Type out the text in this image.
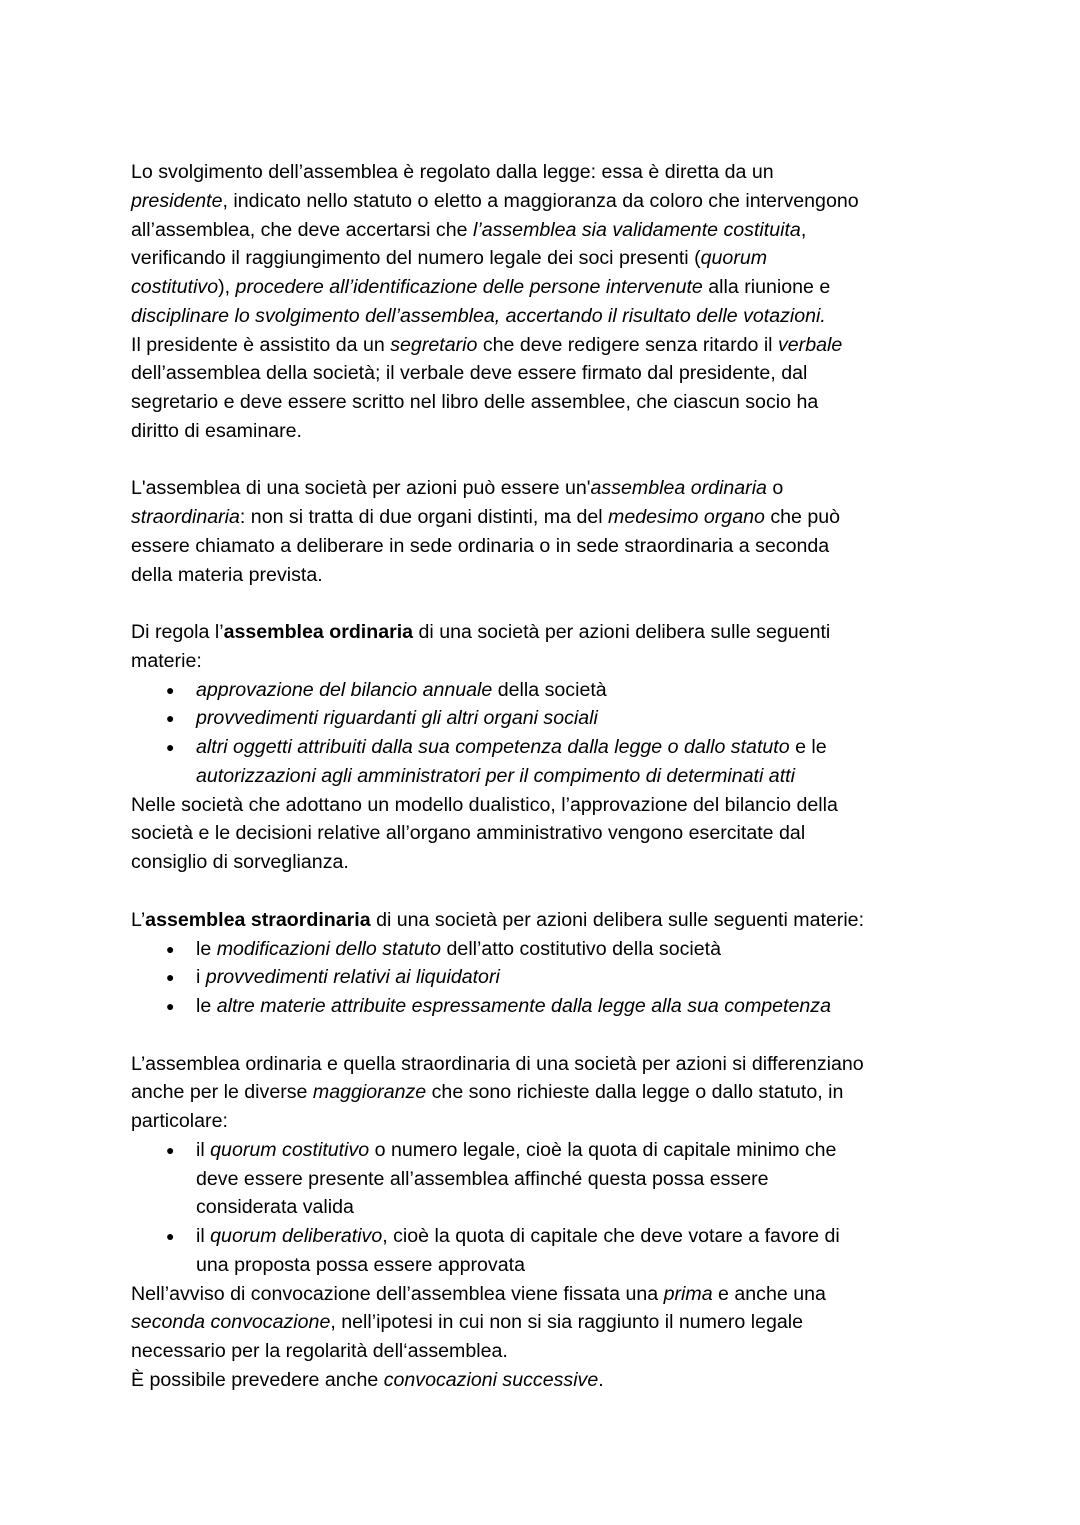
Lo svolgimento dell’assemblea è regolato dalla legge: essa è diretta da un
presidente, indicato nello statuto o eletto a maggioranza da coloro che intervengono
all’assemblea, che deve accertarsi che l’assemblea sia validamente costituita,
verificando il raggiungimento del numero legale dei soci presenti (quorum
costitutivo), procedere all’identificazione delle persone intervenute alla riunione e
disciplinare lo svolgimento dell’assemblea, accertando il risultato delle votazioni.
Il presidente è assistito da un segretario che deve redigere senza ritardo il verbale
dell’assemblea della società; il verbale deve essere firmato dal presidente, dal
segretario e deve essere scritto nel libro delle assemblee, che ciascun socio ha
diritto di esaminare.
L'assemblea di una società per azioni può essere un'assemblea ordinaria o
straordinaria: non si tratta di due organi distinti, ma del medesimo organo che può
essere chiamato a deliberare in sede ordinaria o in sede straordinaria a seconda
della materia prevista.
Di regola l’assemblea ordinaria di una società per azioni delibera sulle seguenti
materie:
● approvazione del bilancio annuale della società
● provvedimenti riguardanti gli altri organi sociali
● altri oggetti attribuiti dalla sua competenza dalla legge o dallo statuto e le
autorizzazioni agli amministratori per il compimento di determinati atti
Nelle società che adottano un modello dualistico, l’approvazione del bilancio della
società e le decisioni relative all’organo amministrativo vengono esercitate dal
consiglio di sorveglianza.
L’assemblea straordinaria di una società per azioni delibera sulle seguenti materie:
● le modificazioni dello statuto dell’atto costitutivo della società
● i provvedimenti relativi ai liquidatori
● le altre materie attribuite espressamente dalla legge alla sua competenza
L’assemblea ordinaria e quella straordinaria di una società per azioni si differenziano
anche per le diverse maggioranze che sono richieste dalla legge o dallo statuto, in
particolare:
● il quorum costitutivo o numero legale, cioè la quota di capitale minimo che
deve essere presente all’assemblea affinché questa possa essere
considerata valida
● il quorum deliberativo, cioè la quota di capitale che deve votare a favore di
una proposta possa essere approvata
Nell’avviso di convocazione dell’assemblea viene fissata una prima e anche una
seconda convocazione, nell’ipotesi in cui non si sia raggiunto il numero legale
necessario per la regolarità dell‘assemblea.
È possibile prevedere anche convocazioni successive.
